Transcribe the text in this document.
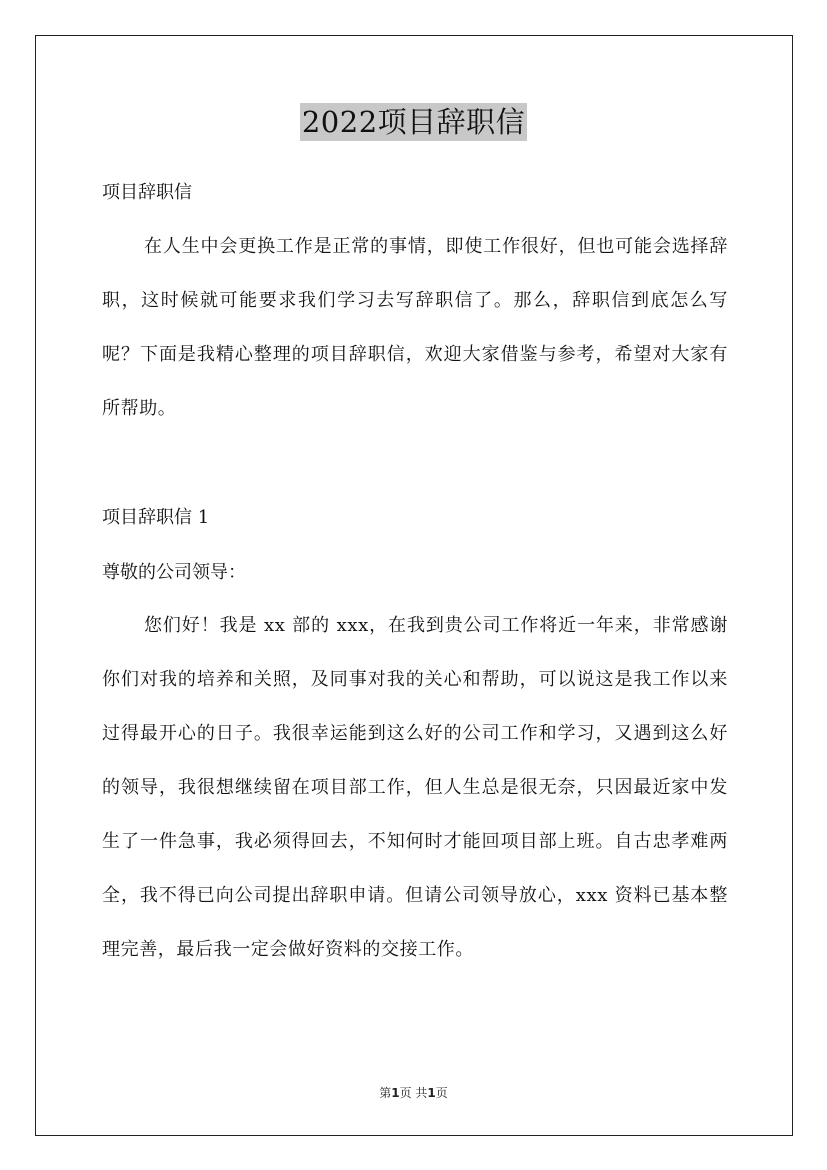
2022项目辞职信
项目辞职信
在人生中会更换工作是正常的事情，即使工作很好，但也可能会选择辞职，这时候就可能要求我们学习去写辞职信了。那么，辞职信到底怎么写呢？下面是我精心整理的项目辞职信，欢迎大家借鉴与参考，希望对大家有所帮助。
项目辞职信 1
尊敬的公司领导：
您们好！我是 xx 部的 xxx，在我到贵公司工作将近一年来，非常感谢你们对我的培养和关照，及同事对我的关心和帮助，可以说这是我工作以来过得最开心的日子。我很幸运能到这么好的公司工作和学习，又遇到这么好的领导，我很想继续留在项目部工作，但人生总是很无奈，只因最近家中发生了一件急事，我必须得回去，不知何时才能回项目部上班。自古忠孝难两全，我不得已向公司提出辞职申请。但请公司领导放心，xxx 资料已基本整理完善，最后我一定会做好资料的交接工作。
第1页 共1页
